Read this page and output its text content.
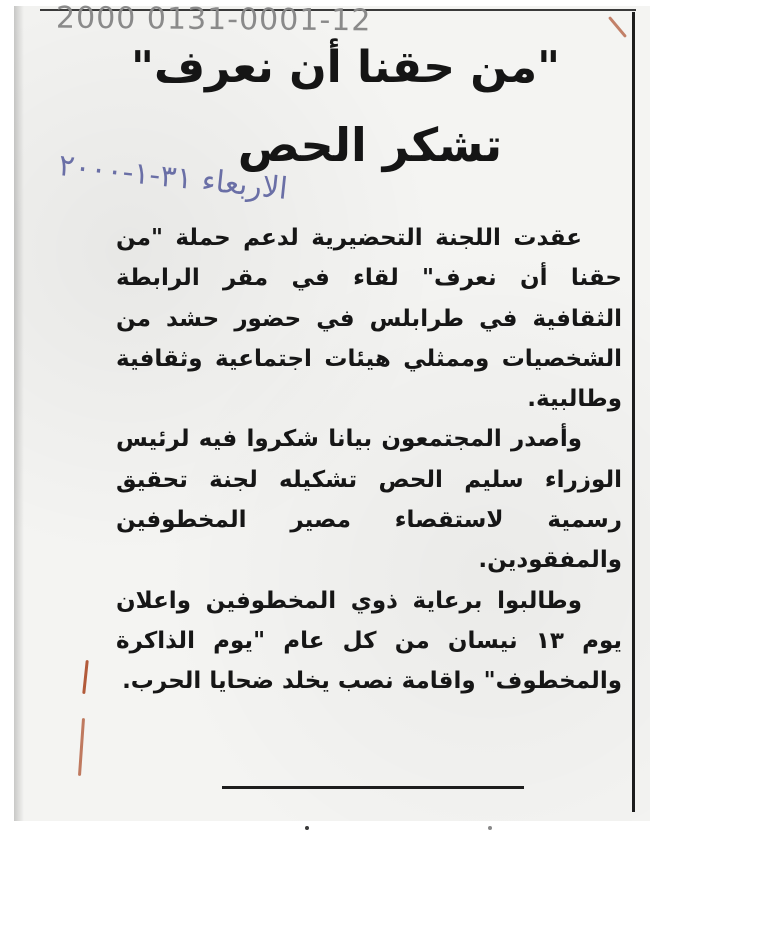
2000 0131-0001-12
"من حقنا أن نعرف"
تشكر الحص
الاربعاء ٣١-١-٢٠٠٠

عقدت اللجنة التحضيرية لدعم حملة "من حقنا أن نعرف" لقاء في مقر الرابطة الثقافية في طرابلس في حضور حشد من الشخصيات وممثلي هيئات اجتماعية وثقافية وطالبية.

وأصدر المجتمعون بيانا شكروا فيه لرئيس الوزراء سليم الحص تشكيله لجنة تحقيق رسمية لاستقصاء مصير المخطوفين والمفقودين.

وطالبوا برعاية ذوي المخطوفين واعلان يوم ١٣ نيسان من كل عام "يوم الذاكرة والمخطوف" واقامة نصب يخلد ضحايا الحرب.
